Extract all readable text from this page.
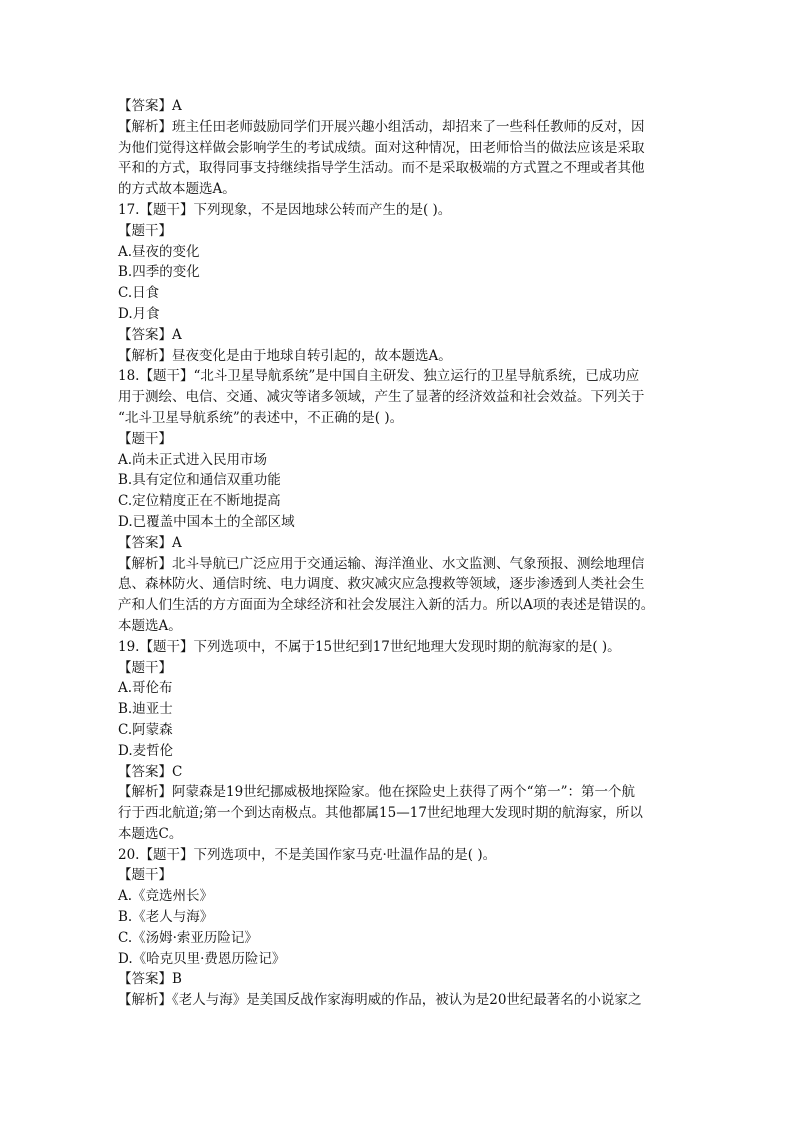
【答案】A
【解析】班主任田老师鼓励同学们开展兴趣小组活动，却招来了一些科任教师的反对，因
为他们觉得这样做会影响学生的考试成绩。面对这种情况，田老师恰当的做法应该是采取
平和的方式，取得同事支持继续指导学生活动。而不是采取极端的方式置之不理或者其他
的方式故本题选A。
17.【题干】下列现象，不是因地球公转而产生的是( )。
【题干】
A.昼夜的变化
B.四季的变化
C.日食
D.月食
【答案】A
【解析】昼夜变化是由于地球自转引起的，故本题选A。
18.【题干】“北斗卫星导航系统”是中国自主研发、独立运行的卫星导航系统，已成功应
用于测绘、电信、交通、减灾等诸多领域，产生了显著的经济效益和社会效益。下列关于
“北斗卫星导航系统”的表述中，不正确的是( )。
【题干】
A.尚未正式进入民用市场
B.具有定位和通信双重功能
C.定位精度正在不断地提高
D.已覆盖中国本土的全部区域
【答案】A
【解析】北斗导航已广泛应用于交通运输、海洋渔业、水文监测、气象预报、测绘地理信
息、森林防火、通信时统、电力调度、救灾减灾应急搜救等领域，逐步渗透到人类社会生
产和人们生活的方方面面为全球经济和社会发展注入新的活力。所以A项的表述是错误的。
本题选A。
19.【题干】下列选项中，不属于15世纪到17世纪地理大发现时期的航海家的是( )。
【题干】
A.哥伦布
B.迪亚士
C.阿蒙森
D.麦哲伦
【答案】C
【解析】阿蒙森是19世纪挪威极地探险家。他在探险史上获得了两个“第一”：第一个航
行于西北航道;第一个到达南极点。其他都属15—17世纪地理大发现时期的航海家，所以
本题选C。
20.【题干】下列选项中，不是美国作家马克·吐温作品的是( )。
【题干】
A.《竞选州长》
B.《老人与海》
C.《汤姆·索亚历险记》
D.《哈克贝里·费恩历险记》
【答案】B
【解析】《老人与海》是美国反战作家海明威的作品，被认为是20世纪最著名的小说家之
